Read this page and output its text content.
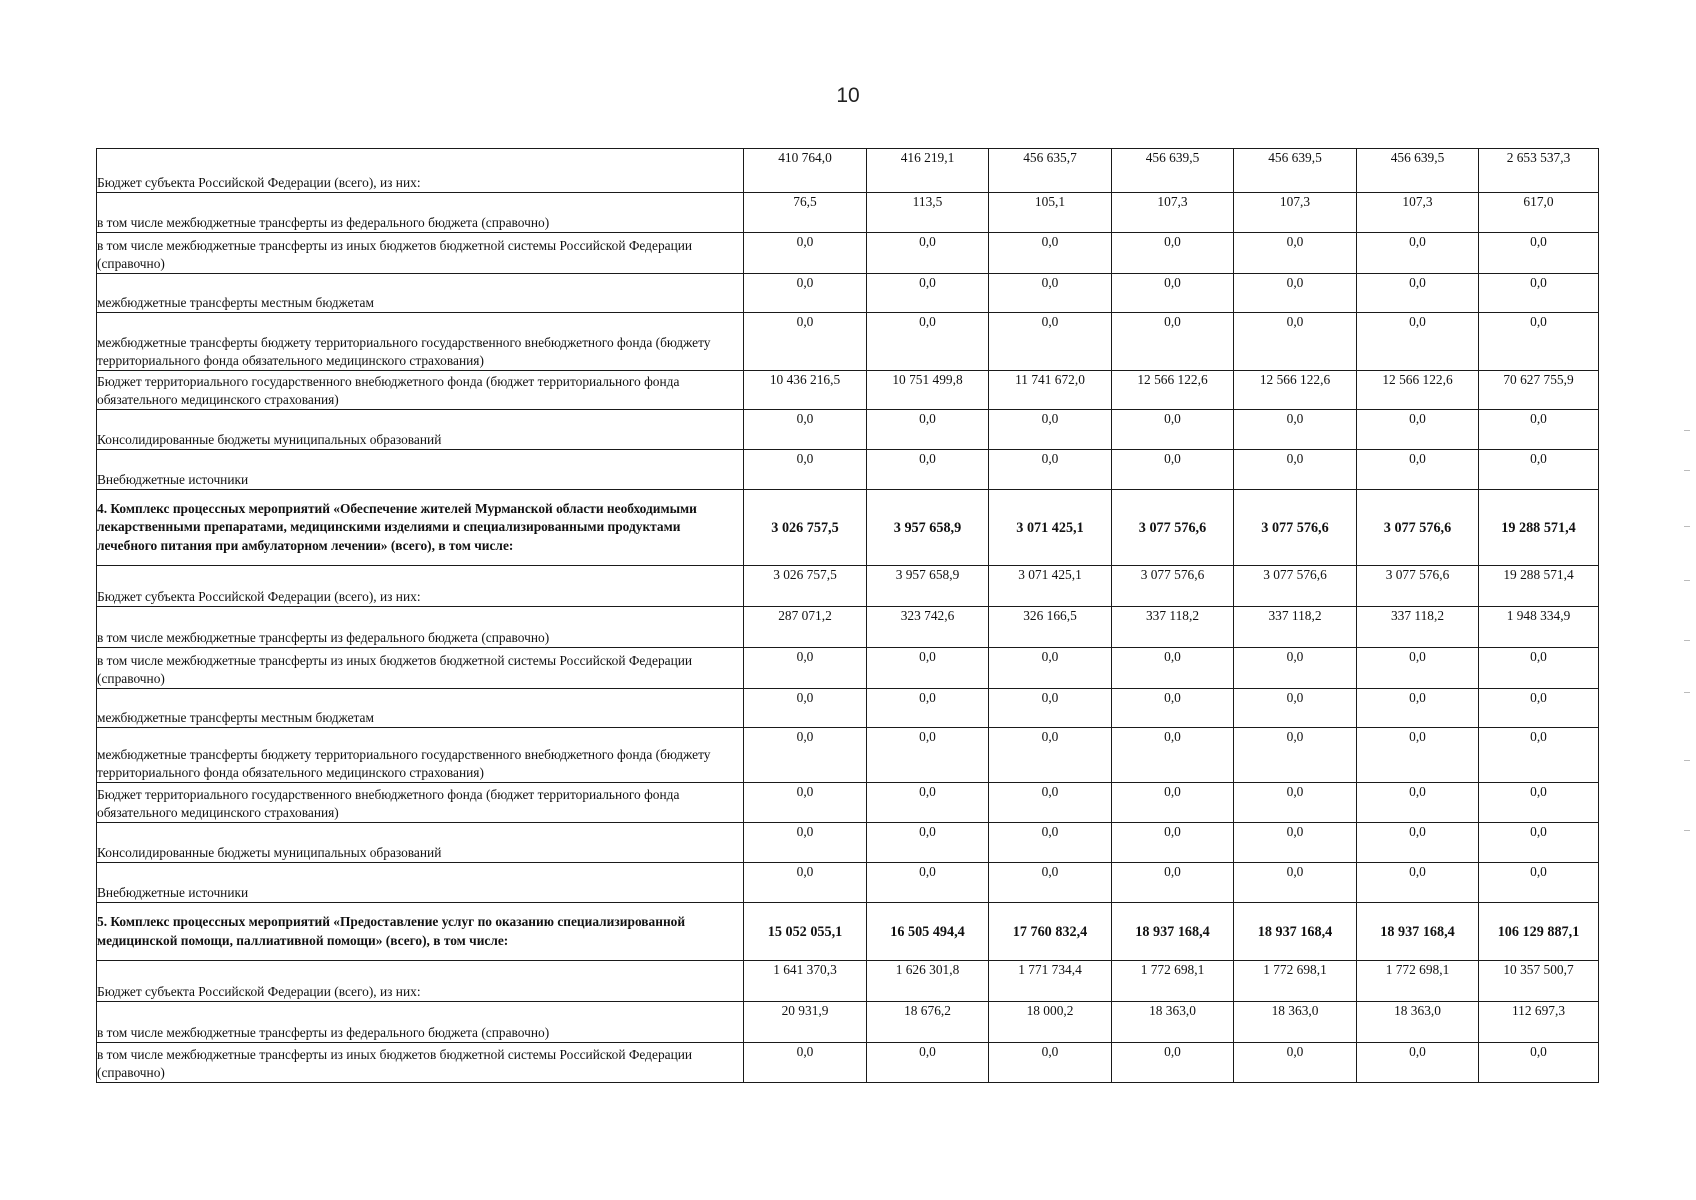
10
Бюджет субъекта Российской Федерации (всего), из них:	410 764,0	416 219,1	456 635,7	456 639,5	456 639,5	456 639,5	2 653 537,3
в том числе межбюджетные трансферты из федерального бюджета (справочно)	76,5	113,5	105,1	107,3	107,3	107,3	617,0
в том числе межбюджетные трансферты из иных бюджетов бюджетной системы Российской Федерации (справочно)	0,0	0,0	0,0	0,0	0,0	0,0	0,0
межбюджетные трансферты местным бюджетам	0,0	0,0	0,0	0,0	0,0	0,0	0,0
межбюджетные трансферты бюджету территориального государственного внебюджетного фонда (бюджету территориального фонда обязательного медицинского страхования)	0,0	0,0	0,0	0,0	0,0	0,0	0,0
Бюджет территориального государственного внебюджетного фонда (бюджет территориального фонда обязательного медицинского страхования)	10 436 216,5	10 751 499,8	11 741 672,0	12 566 122,6	12 566 122,6	12 566 122,6	70 627 755,9
Консолидированные бюджеты муниципальных образований	0,0	0,0	0,0	0,0	0,0	0,0	0,0
Внебюджетные источники	0,0	0,0	0,0	0,0	0,0	0,0	0,0
4. Комплекс процессных мероприятий «Обеспечение жителей Мурманской области необходимыми лекарственными препаратами, медицинскими изделиями и специализированными продуктами лечебного питания при амбулаторном лечении» (всего), в том числе:	3 026 757,5	3 957 658,9	3 071 425,1	3 077 576,6	3 077 576,6	3 077 576,6	19 288 571,4
Бюджет субъекта Российской Федерации (всего), из них:	3 026 757,5	3 957 658,9	3 071 425,1	3 077 576,6	3 077 576,6	3 077 576,6	19 288 571,4
в том числе межбюджетные трансферты из федерального бюджета (справочно)	287 071,2	323 742,6	326 166,5	337 118,2	337 118,2	337 118,2	1 948 334,9
в том числе межбюджетные трансферты из иных бюджетов бюджетной системы Российской Федерации (справочно)	0,0	0,0	0,0	0,0	0,0	0,0	0,0
межбюджетные трансферты местным бюджетам	0,0	0,0	0,0	0,0	0,0	0,0	0,0
межбюджетные трансферты бюджету территориального государственного внебюджетного фонда (бюджету территориального фонда обязательного медицинского страхования)	0,0	0,0	0,0	0,0	0,0	0,0	0,0
Бюджет территориального государственного внебюджетного фонда (бюджет территориального фонда обязательного медицинского страхования)	0,0	0,0	0,0	0,0	0,0	0,0	0,0
Консолидированные бюджеты муниципальных образований	0,0	0,0	0,0	0,0	0,0	0,0	0,0
Внебюджетные источники	0,0	0,0	0,0	0,0	0,0	0,0	0,0
5. Комплекс процессных мероприятий «Предоставление услуг по оказанию специализированной медицинской помощи, паллиативной помощи» (всего), в том числе:	15 052 055,1	16 505 494,4	17 760 832,4	18 937 168,4	18 937 168,4	18 937 168,4	106 129 887,1
Бюджет субъекта Российской Федерации (всего), из них:	1 641 370,3	1 626 301,8	1 771 734,4	1 772 698,1	1 772 698,1	1 772 698,1	10 357 500,7
в том числе межбюджетные трансферты из федерального бюджета (справочно)	20 931,9	18 676,2	18 000,2	18 363,0	18 363,0	18 363,0	112 697,3
в том числе межбюджетные трансферты из иных бюджетов бюджетной системы Российской Федерации (справочно)	0,0	0,0	0,0	0,0	0,0	0,0	0,0
